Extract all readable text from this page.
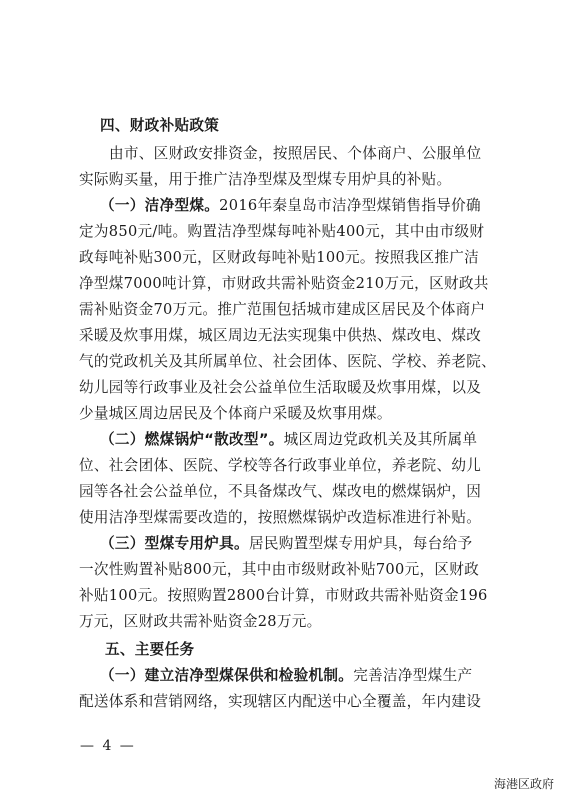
四、财政补贴政策
由市、区财政安排资金，按照居民、个体商户、公服单位
实际购买量，用于推广洁净型煤及型煤专用炉具的补贴。
（一）洁净型煤。2016年秦皇岛市洁净型煤销售指导价确
定为850元/吨。购置洁净型煤每吨补贴400元，其中由市级财
政每吨补贴300元，区财政每吨补贴100元。按照我区推广洁
净型煤7000吨计算，市财政共需补贴资金210万元，区财政共
需补贴资金70万元。推广范围包括城市建成区居民及个体商户
采暖及炊事用煤，城区周边无法实现集中供热、煤改电、煤改
气的党政机关及其所属单位、社会团体、医院、学校、养老院、
幼儿园等行政事业及社会公益单位生活取暖及炊事用煤，以及
少量城区周边居民及个体商户采暖及炊事用煤。
（二）燃煤锅炉“散改型”。城区周边党政机关及其所属单
位、社会团体、医院、学校等各行政事业单位，养老院、幼儿
园等各社会公益单位，不具备煤改气、煤改电的燃煤锅炉，因
使用洁净型煤需要改造的，按照燃煤锅炉改造标准进行补贴。
（三）型煤专用炉具。居民购置型煤专用炉具，每台给予
一次性购置补贴800元，其中由市级财政补贴700元，区财政
补贴100元。按照购置2800台计算，市财政共需补贴资金196
万元，区财政共需补贴资金28万元。
五、主要任务
（一）建立洁净型煤保供和检验机制。完善洁净型煤生产
配送体系和营销网络，实现辖区内配送中心全覆盖，年内建设
— 4 —
海港区政府
